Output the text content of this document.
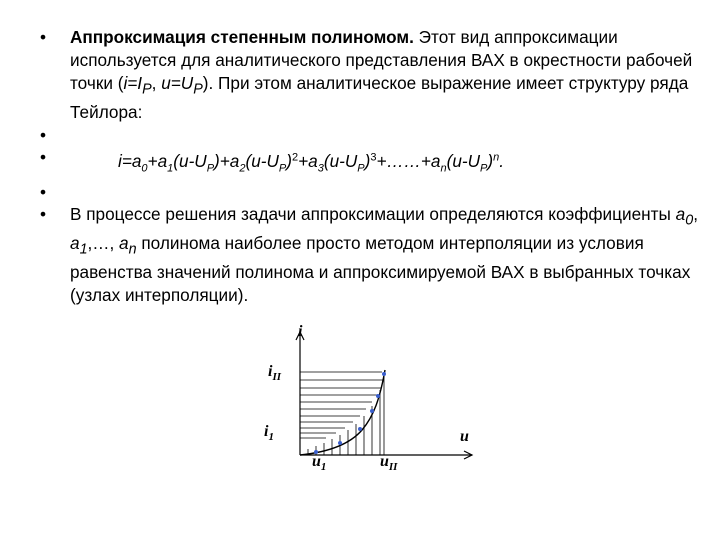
•	Аппроксимация степенным полиномом. Этот вид аппроксимации используется для аналитического представления ВАХ в окрестности рабочей точки ($i=I_P$, $u=U_P$). При этом аналитическое выражение имеет структуру ряда Тейлора:
•
•	$i=a_0+a_1(u-U_P)+a_2(u-U_P)^2+a_3(u-U_P)^3+\dots\dots+a_n(u-U_P)^n$.
•
•	В процессе решения задачи аппроксимации определяются коэффициенты $a_0$, $a_1,\dots$, $a_n$ полинома наиболее просто методом интерполяции из условия равенства значений полинома и аппроксимируемой ВАХ в выбранных точках (узлах интерполяции).
i
u
$i_{II}$
$i_1$
$u_1$	$u_{II}$
